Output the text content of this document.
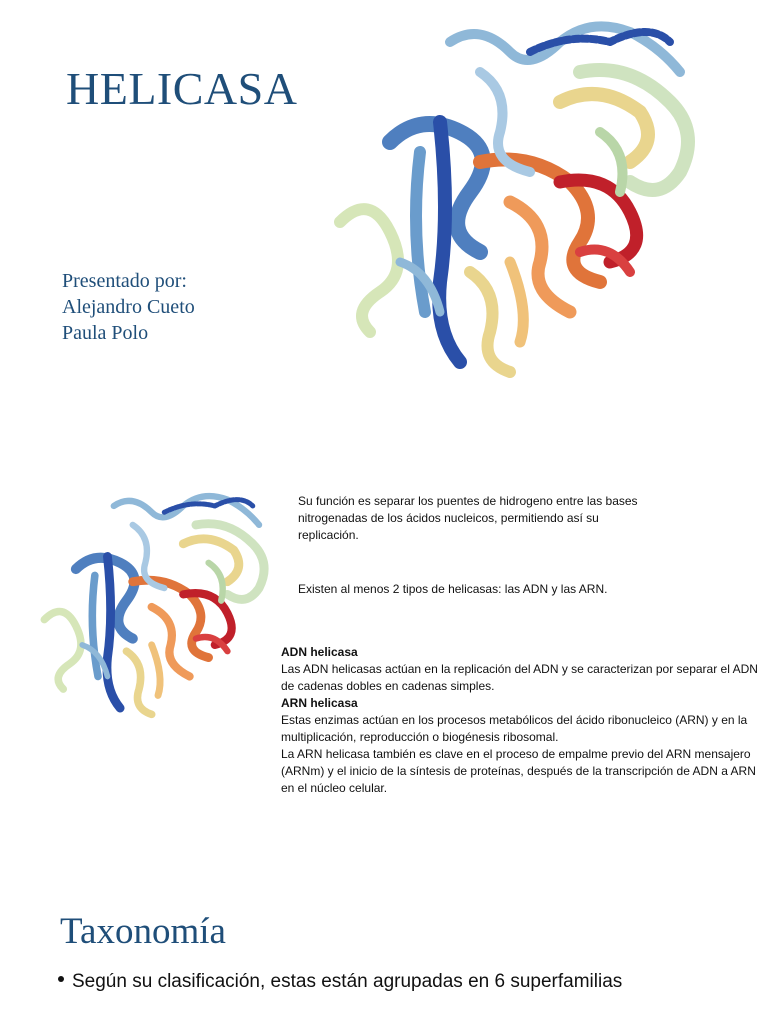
HELICASA
Presentado por:
Alejandro Cueto
Paula Polo
Su función es separar los puentes de hidrogeno entre las bases nitrogenadas de los ácidos nucleicos, permitiendo así su replicación.
Existen al menos 2 tipos de helicasas: las ADN y las ARN.
ADN helicasa
Las ADN helicasas actúan en la replicación del ADN y se caracterizan por separar el ADN de cadenas dobles en cadenas simples.
ARN helicasa
Estas enzimas actúan en los procesos metabólicos del ácido ribonucleico (ARN) y en la multiplicación, reproducción o biogénesis ribosomal.
La ARN helicasa también es clave en el proceso de empalme previo del ARN mensajero (ARNm) y el inicio de la síntesis de proteínas, después de la transcripción de ADN a ARN en el núcleo celular.
Taxonomía
Según su clasificación, estas están agrupadas en 6 superfamilias
